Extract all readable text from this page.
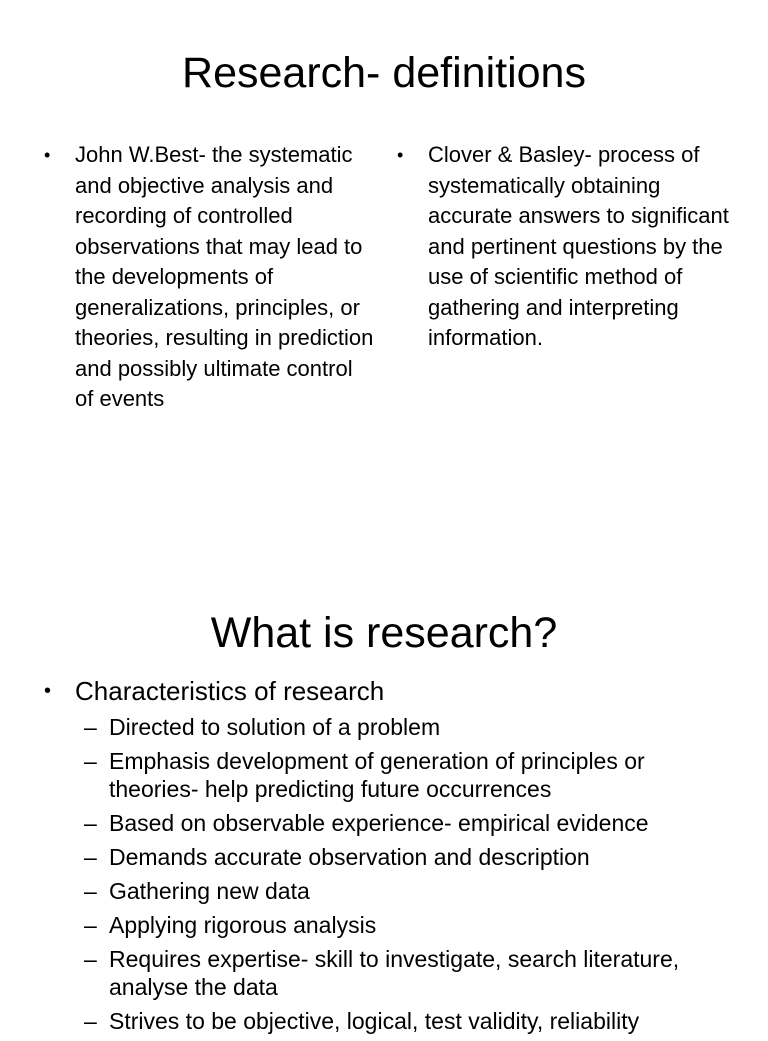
Research- definitions
• John W.Best- the systematic and objective analysis and recording of controlled observations that may lead to the developments of generalizations, principles, or theories, resulting in prediction and possibly ultimate control of events
• Clover & Basley- process of systematically obtaining accurate answers to significant and pertinent questions by the use of scientific method of gathering and interpreting information.
What is research?
• Characteristics of research
– Directed to solution of a problem
– Emphasis development of generation of principles or theories- help predicting future occurrences
– Based on observable experience- empirical evidence
– Demands accurate observation and description
– Gathering new data
– Applying rigorous analysis
– Requires expertise- skill to investigate, search literature, analyse the data
– Strives to be objective, logical, test validity, reliability
